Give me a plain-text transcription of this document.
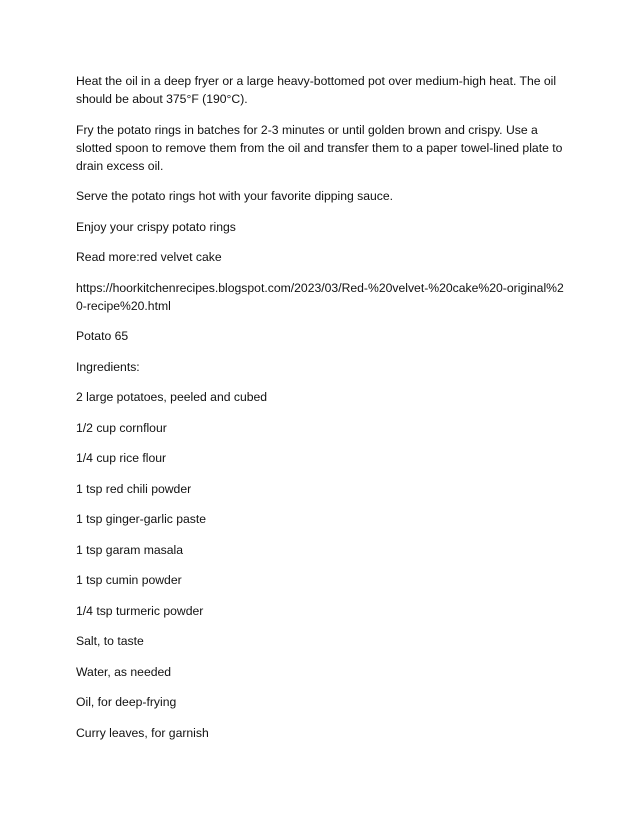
Heat the oil in a deep fryer or a large heavy-bottomed pot over medium-high heat. The oil should be about 375°F (190°C).

Fry the potato rings in batches for 2-3 minutes or until golden brown and crispy. Use a slotted spoon to remove them from the oil and transfer them to a paper towel-lined plate to drain excess oil.

Serve the potato rings hot with your favorite dipping sauce.

Enjoy your crispy potato rings

Read more:red velvet cake

https://hoorkitchenrecipes.blogspot.com/2023/03/Red-%20velvet-%20cake%20-original%20-recipe%20.html

Potato 65

Ingredients:

2 large potatoes, peeled and cubed

1/2 cup cornflour

1/4 cup rice flour

1 tsp red chili powder

1 tsp ginger-garlic paste

1 tsp garam masala

1 tsp cumin powder

1/4 tsp turmeric powder

Salt, to taste

Water, as needed

Oil, for deep-frying

Curry leaves, for garnish
